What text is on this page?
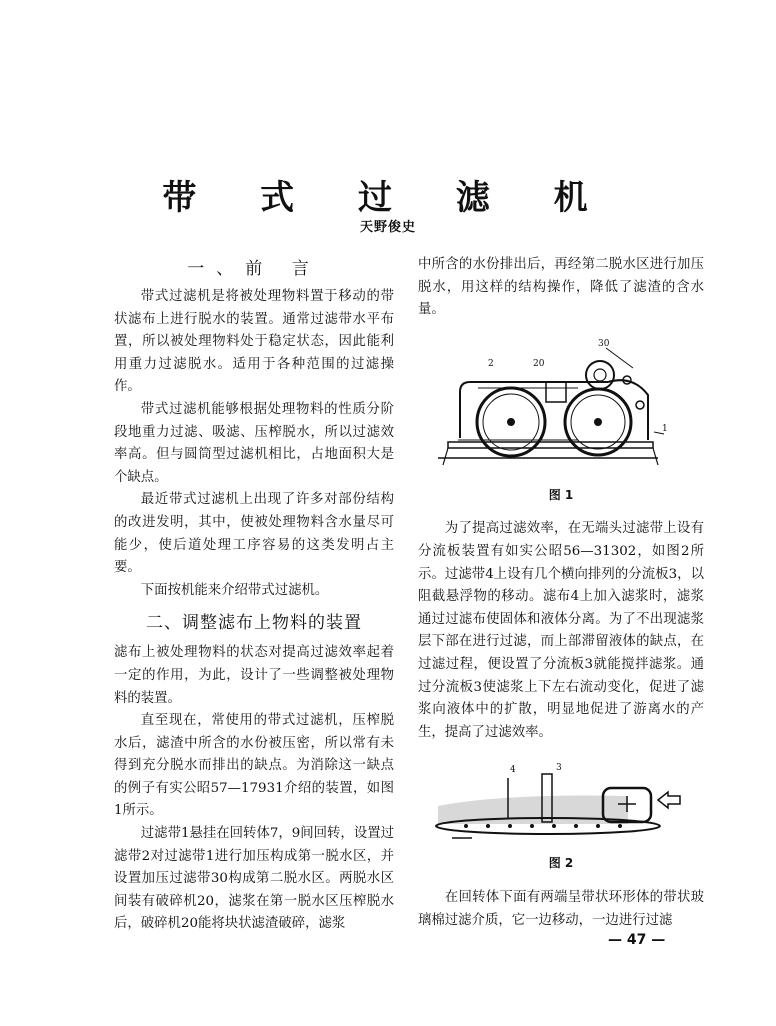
带 式 过 滤 机
天野俊史
一、前 言

带式过滤机是将被处理物料置于移动的带状滤布上进行脱水的装置。通常过滤带水平布置，所以被处理物料处于稳定状态，因此能利用重力过滤脱水。适用于各种范围的过滤操作。

带式过滤机能够根据处理物料的性质分阶段地重力过滤、吸滤、压榨脱水，所以过滤效率高。但与圆筒型过滤机相比，占地面积大是个缺点。

最近带式过滤机上出现了许多对部份结构的改进发明，其中，使被处理物料含水量尽可能少，使后道处理工序容易的这类发明占主要。

下面按机能来介绍带式过滤机。

二、调整滤布上物料的装置

滤布上被处理物料的状态对提高过滤效率起着一定的作用，为此，设计了一些调整被处理物料的装置。

直至现在，常使用的带式过滤机，压榨脱水后，滤渣中所含的水份被压密，所以常有未得到充分脱水而排出的缺点。为消除这一缺点的例子有实公昭57—17931介绍的装置，如图1所示。

过滤带1悬挂在回转体7，9间回转，设置过滤带2对过滤带1进行加压构成第一脱水区，并设置加压过滤带30构成第二脱水区。两脱水区间装有破碎机20，滤浆在第一脱水区压榨脱水后，破碎机20能将块状滤渣破碎，滤浆

中所含的水份排出后，再经第二脱水区进行加压脱水，用这样的结构操作，降低了滤渣的含水量。

2	20
30
1
图 1

为了提高过滤效率，在无端头过滤带上设有分流板装置有如实公昭56—31302，如图2所示。过滤带4上设有几个横向排列的分流板3，以阻截悬浮物的移动。滤布4上加入滤浆时，滤浆通过过滤布使固体和液体分离。为了不出现滤浆层下部在进行过滤，而上部滞留液体的缺点，在过滤过程，便设置了分流板3就能搅拌滤浆。通过分流板3使滤浆上下左右流动变化，促进了滤浆向液体中的扩散，明显地促进了游离水的产生，提高了过滤效率。

4	3
图 2

在回转体下面有两端呈带状环形体的带状玻璃棉过滤介质，它一边移动，一边进行过滤

— 47 —
